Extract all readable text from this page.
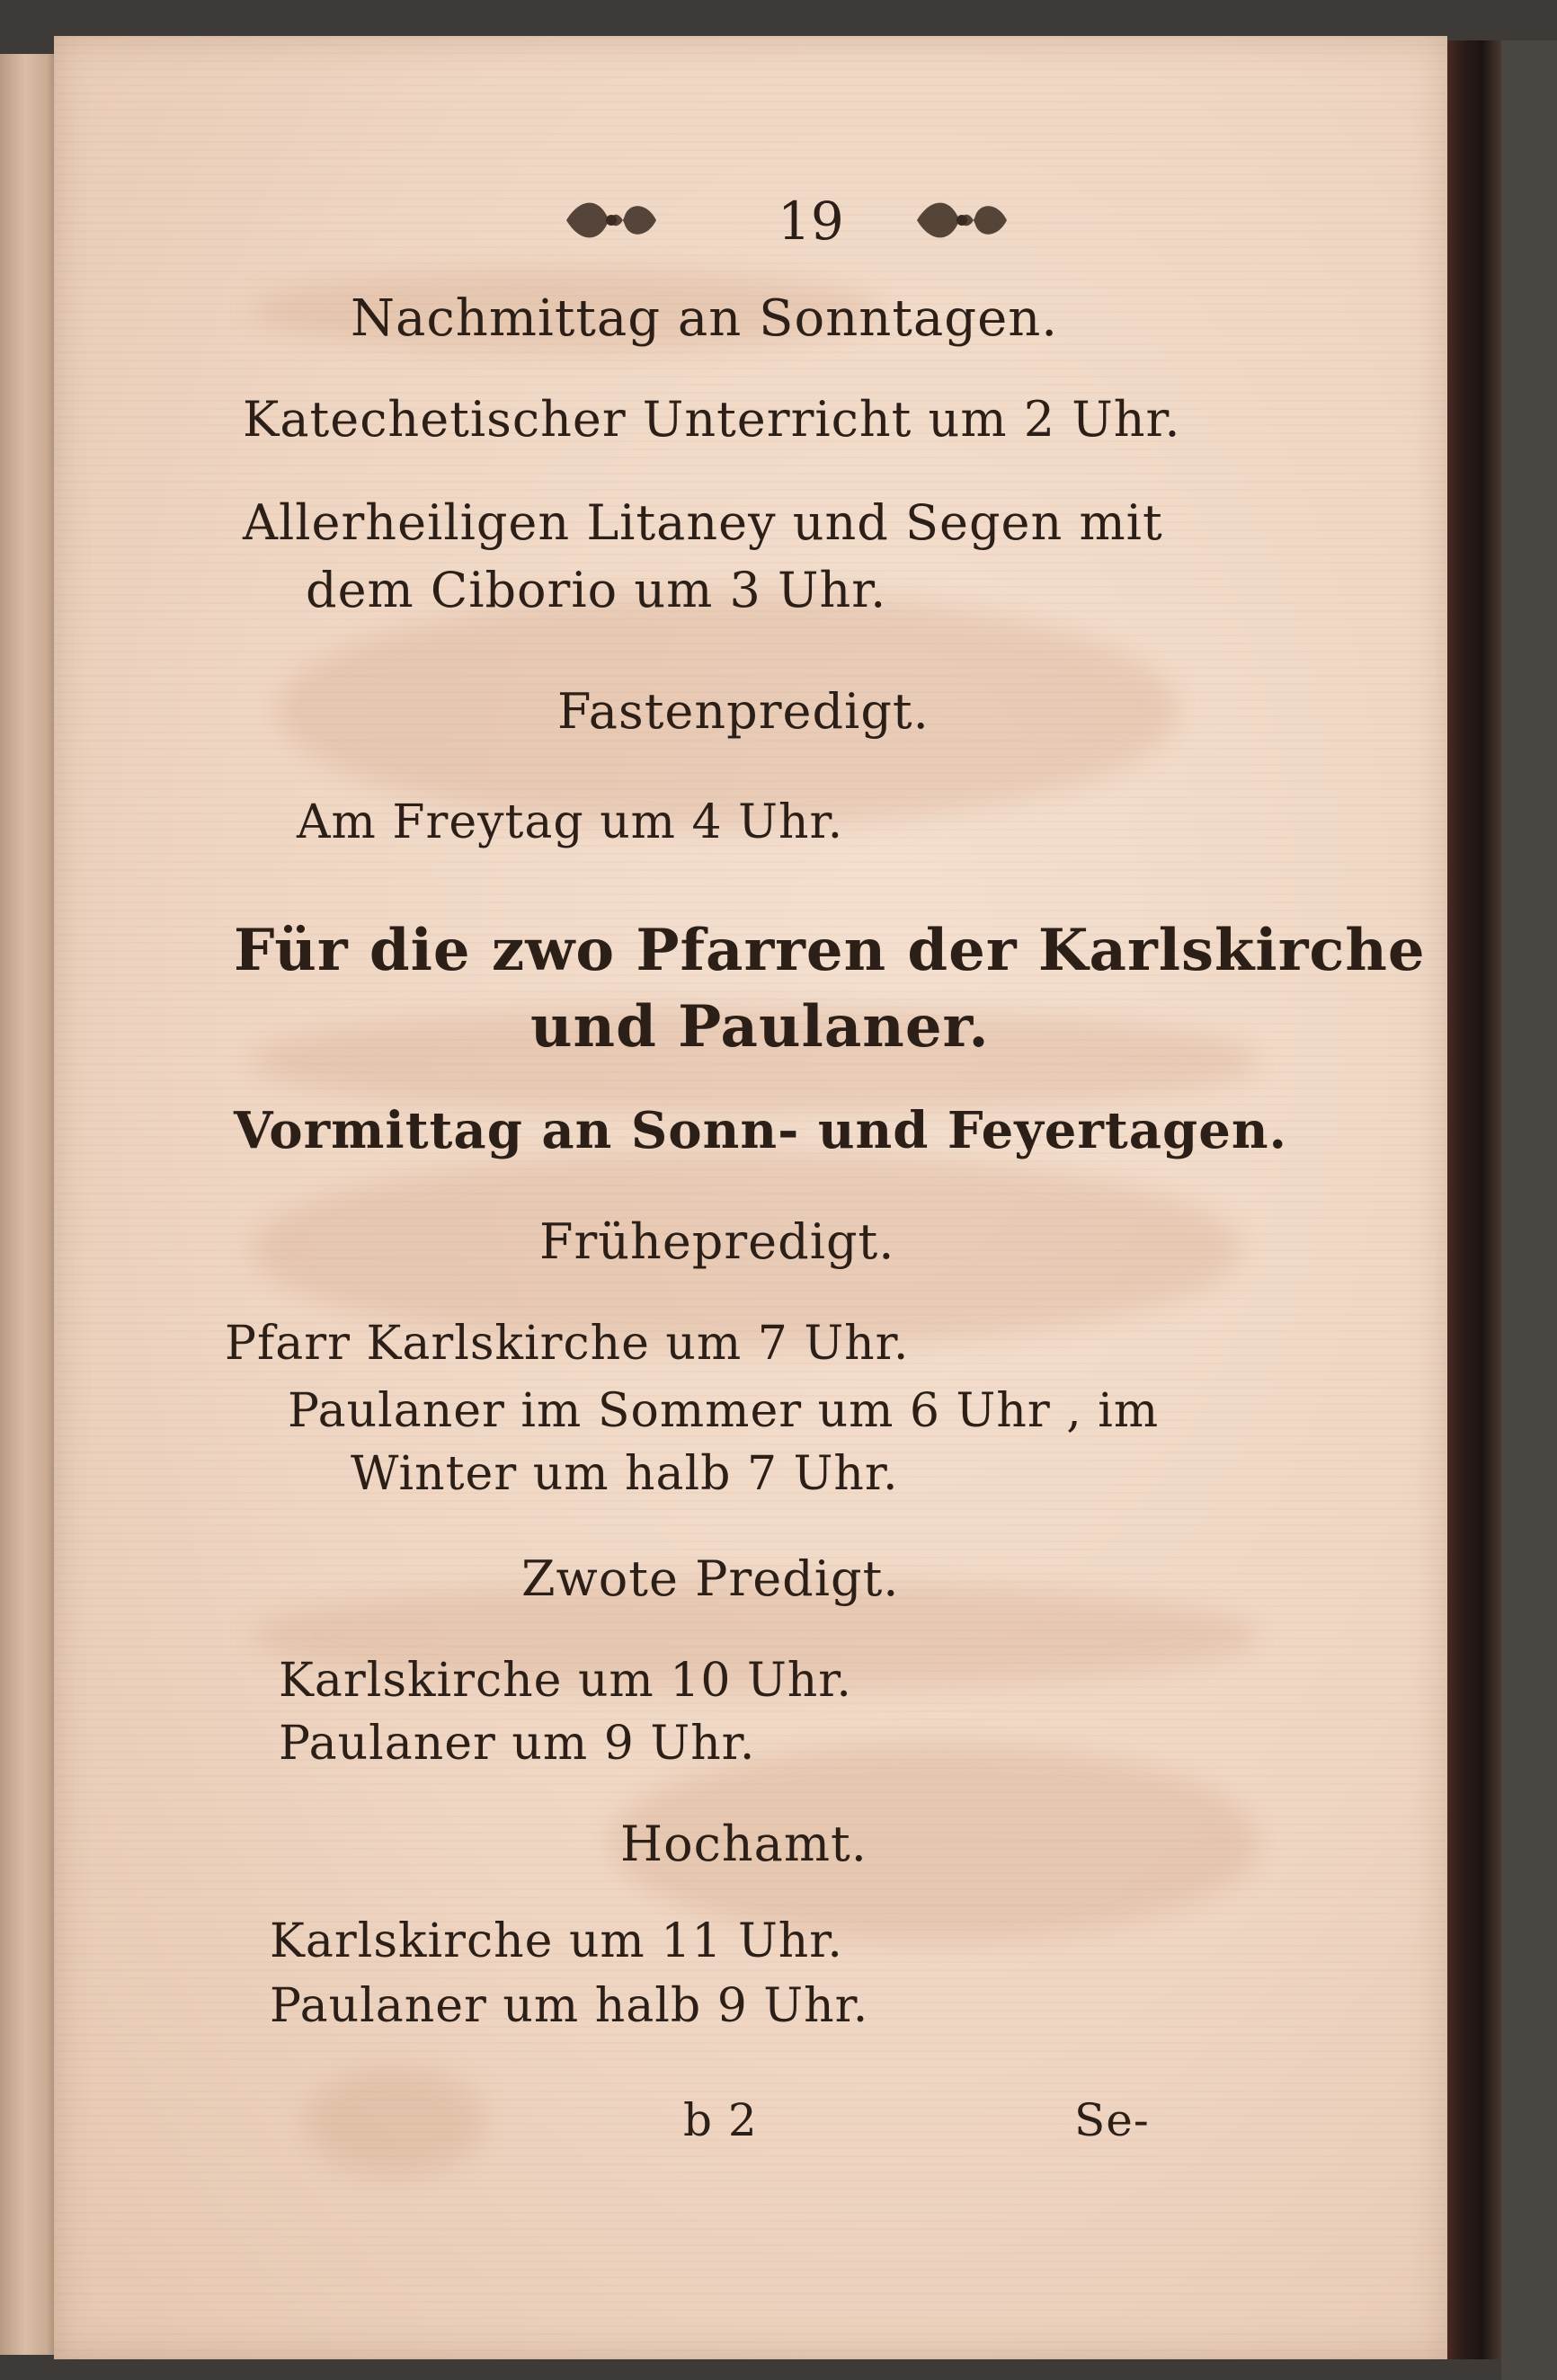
19
Nachmittag an Sonntagen.
Katechetischer Unterricht um 2 Uhr.
Allerheiligen Litaney und Segen mit
dem Ciborio um 3 Uhr.
Fastenpredigt.
Am Freytag um 4 Uhr.
Für die zwo Pfarren der Karlskirche
und Paulaner.
Vormittag an Sonn- und Feyertagen.
Frühepredigt.
Pfarr Karlskirche um 7 Uhr.
Paulaner im Sommer um 6 Uhr , im
Winter um halb 7 Uhr.
Zwote Predigt.
Karlskirche um 10 Uhr.
Paulaner um 9 Uhr.
Hochamt.
Karlskirche um 11 Uhr.
Paulaner um halb 9 Uhr.
b 2	Se-
